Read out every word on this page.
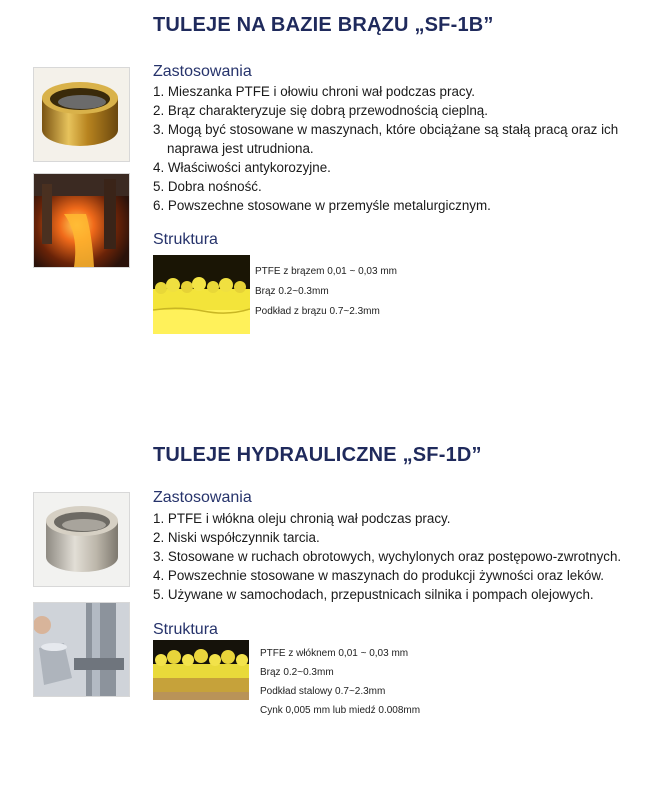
TULEJE NA BAZIE BRĄZU „SF-1B”
Zastosowania
1. Mieszanka PTFE i ołowiu chroni wał podczas pracy.
2. Brąz charakteryzuje się dobrą przewodnością cieplną.
3. Mogą być stosowane w maszynach, które obciążane są stałą pracą oraz ich naprawa jest utrudniona.
4. Właściwości antykorozyjne.
5. Dobra nośność.
6. Powszechne stosowane w przemyśle metalurgicznym.
Struktura
PTFE z brązem 0,01 ~ 0,03 mm
Brąz 0.2~0.3mm
Podkład z brązu 0.7~2.3mm
TULEJE HYDRAULICZNE „SF-1D”
Zastosowania
1. PTFE i włókna oleju chronią wał podczas pracy.
2. Niski współczynnik tarcia.
3. Stosowane w ruchach obrotowych, wychylonych oraz postępowo-zwrotnych.
4. Powszechnie stosowane w maszynach do produkcji żywności oraz leków.
5. Używane w samochodach, przepustnicach silnika i pompach olejowych.
Struktura
PTFE z włóknem 0,01 ~ 0,03 mm
Brąz 0.2~0.3mm
Podkład stalowy 0.7~2.3mm
Cynk 0,005 mm lub miedź 0.008mm
